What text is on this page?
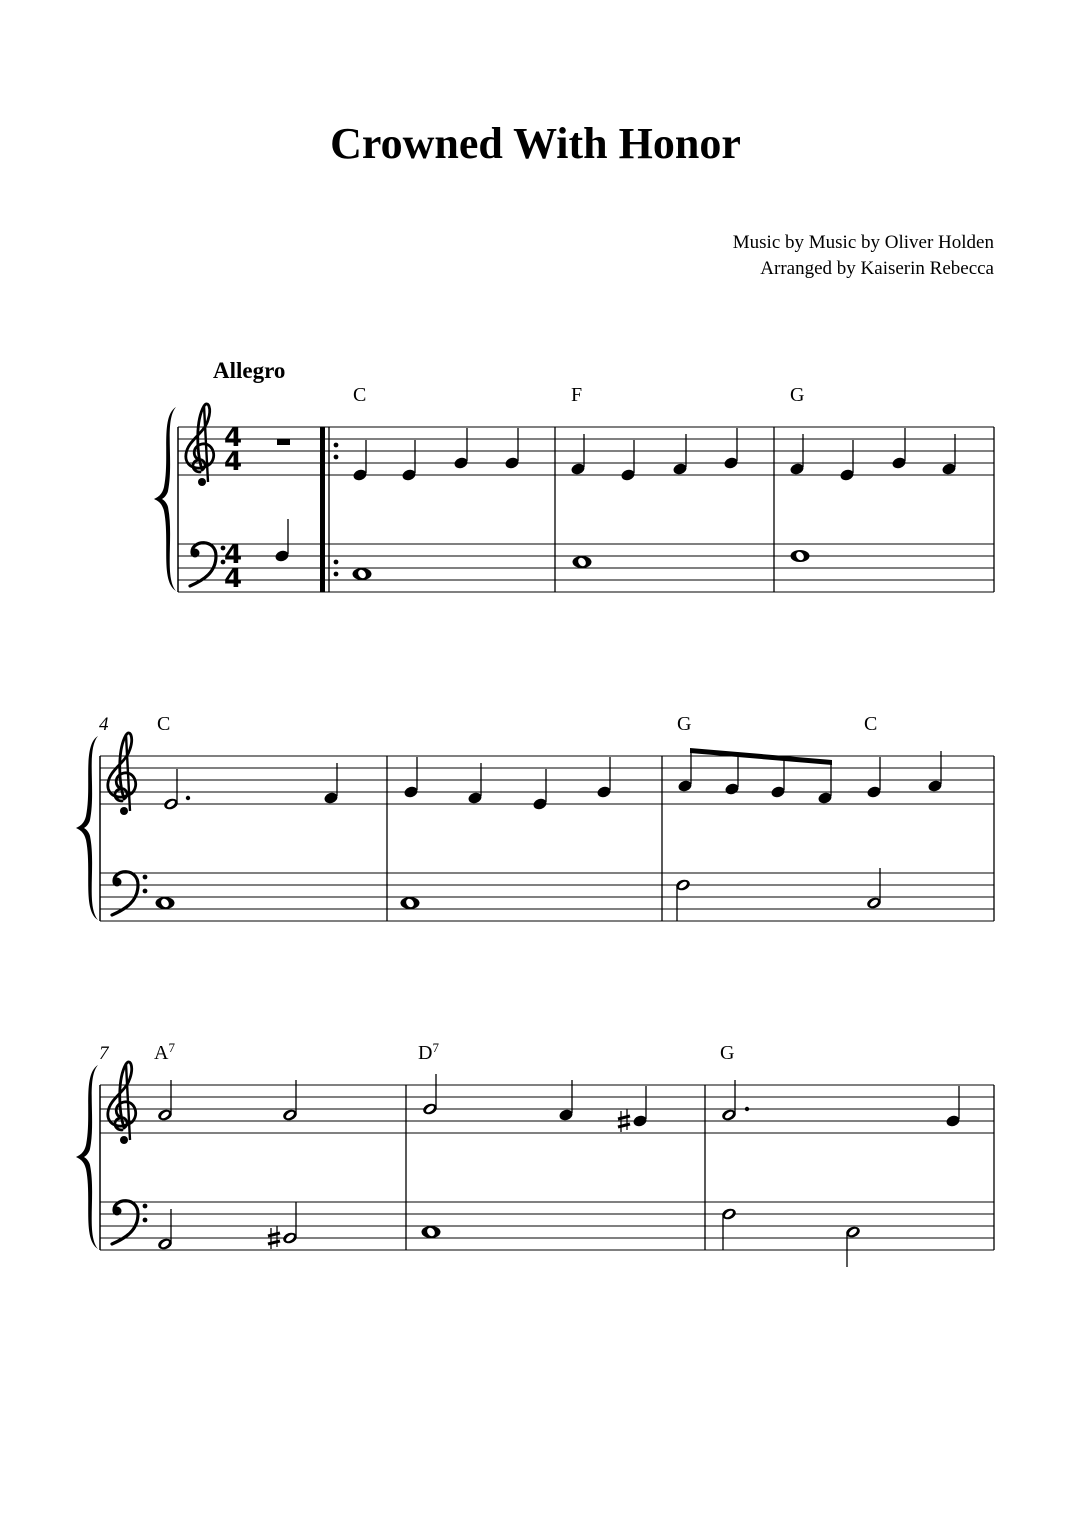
Crowned With Honor
Music by Music by Oliver Holden
Arranged by Kaiserin Rebecca
Allegro
C	F	G
4
4
4
4
4 C	G	C
7 $A^7$	$D^7$	G
